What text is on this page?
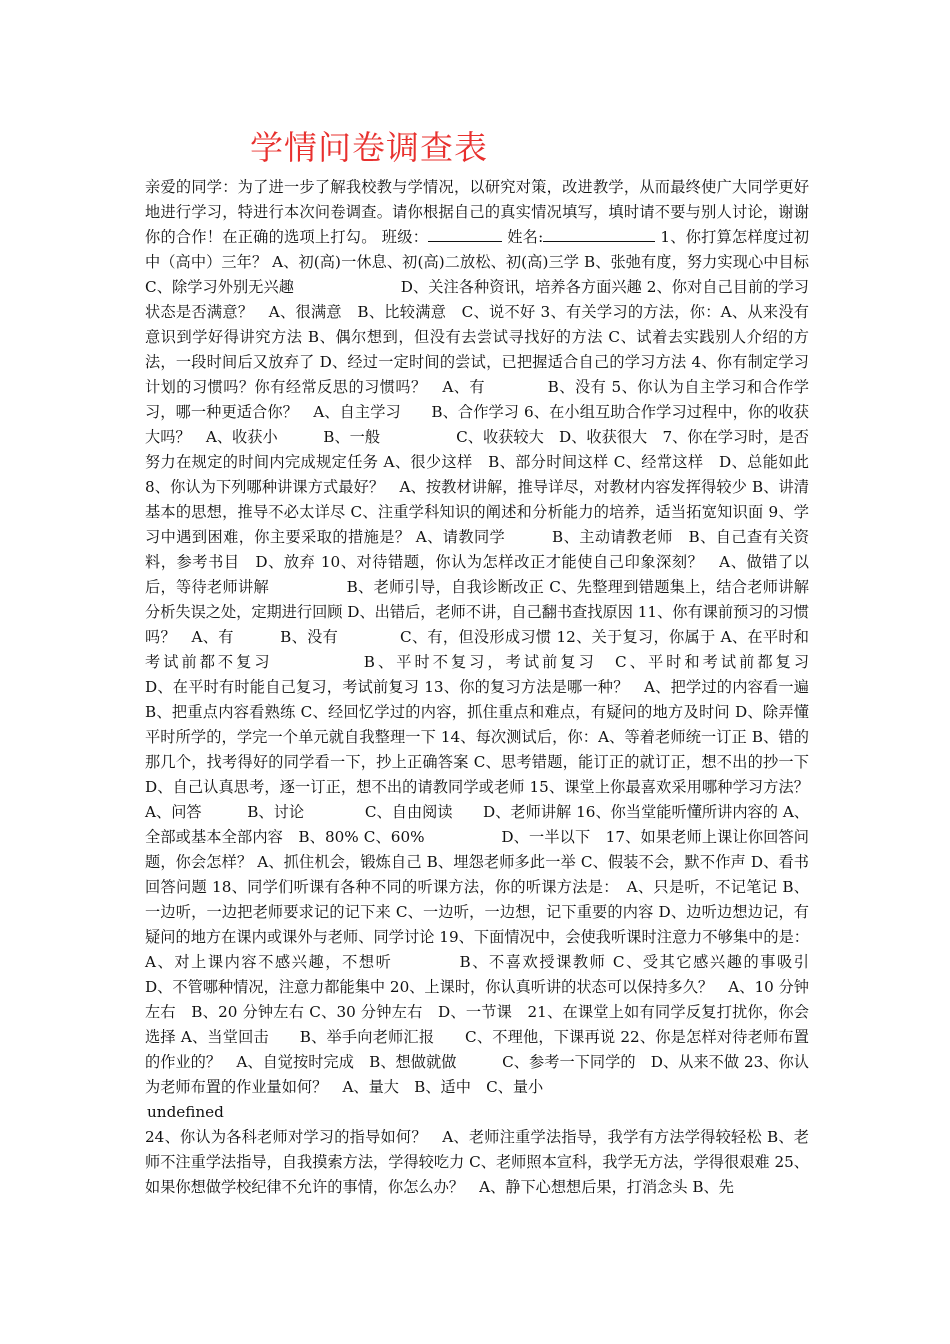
学情问卷调查表
亲爱的同学：为了进一步了解我校教与学情况，以研究对策，改进教学，从而最终使广大同学更好地进行学习，特进行本次问卷调查。请你根据自己的真实情况填写，填时请不要与别人讨论，谢谢你的合作！在正确的选项上打勾。 班级：	姓名:	1、你打算怎样度过初中（高中）三年？ A、初(高)一休息、初(高)二放松、初(高)三学 B、张弛有度，努力实现心中目标 C、除学习外别无兴趣　　　　　　　D、关注各种资讯，培养各方面兴趣 2、你对自己目前的学习状态是否满意？　A、很满意　B、比较满意　C、说不好 3、有关学习的方法，你：A、从来没有意识到学好得讲究方法 B、偶尔想到，但没有去尝试寻找好的方法 C、试着去实践别人介绍的方法，一段时间后又放弃了 D、经过一定时间的尝试，已把握适合自己的学习方法 4、你有制定学习计划的习惯吗？你有经常反思的习惯吗？　A、有　　　　B、没有 5、你认为自主学习和合作学习，哪一种更适合你？　A、自主学习　　B、合作学习 6、在小组互助合作学习过程中，你的收获大吗？　A、收获小　　　B、一般　　　　　C、收获较大　D、收获很大　7、你在学习时，是否努力在规定的时间内完成规定任务 A、很少这样　B、部分时间这样 C、经常这样　D、总能如此　8、你认为下列哪种讲课方式最好？　A、按教材讲解，推导详尽，对教材内容发挥得较少 B、讲清基本的思想，推导不必太详尽 C、注重学科知识的阐述和分析能力的培养，适当拓宽知识面 9、学习中遇到困难，你主要采取的措施是？ A、请教同学　　　B、主动请教老师　B、自己查有关资料，参考书目　D、放弃 10、对待错题，你认为怎样改正才能使自己印象深刻？　A、做错了以后，等待老师讲解　　　　　B、老师引导，自我诊断改正 C、先整理到错题集上，结合老师讲解分析失误之处，定期进行回顾 D、出错后，老师不讲，自己翻书查找原因 11、你有课前预习的习惯吗？　A、有　　　B、没有　　　　C、有，但没形成习惯 12、关于复习，你属于 A、在平时和考试前都不复习　　　　　B、平时不复习，考试前复习　C、平时和考试前都复习　　　　　　　D、在平时有时能自己复习，考试前复习 13、你的复习方法是哪一种？　A、把学过的内容看一遍　　　　　　B、把重点内容看熟练 C、经回忆学过的内容，抓住重点和难点，有疑问的地方及时问 D、除弄懂平时所学的，学完一个单元就自我整理一下 14、每次测试后，你：A、等着老师统一订正 B、错的那几个，找考得好的同学看一下，抄上正确答案 C、思考错题，能订正的就订正，想不出的抄一下 D、自己认真思考，逐一订正，想不出的请教同学或老师 15、课堂上你最喜欢采用哪种学习方法？　A、问答　　　B、讨论　　　　C、自由阅读　　D、老师讲解 16、你当堂能听懂所讲内容的 A、全部或基本全部内容　B、80% C、60%　　　　　D、一半以下　17、如果老师上课让你回答问题，你会怎样？ A、抓住机会，锻炼自己 B、埋怨老师多此一举 C、假装不会，默不作声 D、看书回答问题 18、同学们听课有各种不同的听课方法，你的听课方法是：　A、只是听，不记笔记 B、一边听，一边把老师要求记的记下来 C、一边听，一边想，记下重要的内容 D、边听边想边记，有疑问的地方在课内或课外与老师、同学讨论 19、下面情况中，会使我听课时注意力不够集中的是：A、对上课内容不感兴趣，不想听　　　　B、不喜欢授课教师 C、受其它感兴趣的事吸引　　　　　D、不管哪种情况，注意力都能集中 20、上课时，你认真听讲的状态可以保持多久？　A、10 分钟左右　B、20 分钟左右 C、30 分钟左右　D、一节课　21、在课堂上如有同学反复打扰你，你会选择 A、当堂回击　　B、举手向老师汇报　　C、不理他，下课再说 22、你是怎样对待老师布置的作业的？　A、自觉按时完成　B、想做就做　　　C、参考一下同学的　D、从来不做 23、你认为老师布置的作业量如何？　A、量大　B、适中　C、量小
undefined
24、你认为各科老师对学习的指导如何？　A、老师注重学法指导，我学有方法学得较轻松 B、老师不注重学法指导，自我摸索方法，学得较吃力 C、老师照本宣科，我学无方法，学得很艰难 25、如果你想做学校纪律不允许的事情，你怎么办？　A、静下心想想后果，打消念头 B、先
